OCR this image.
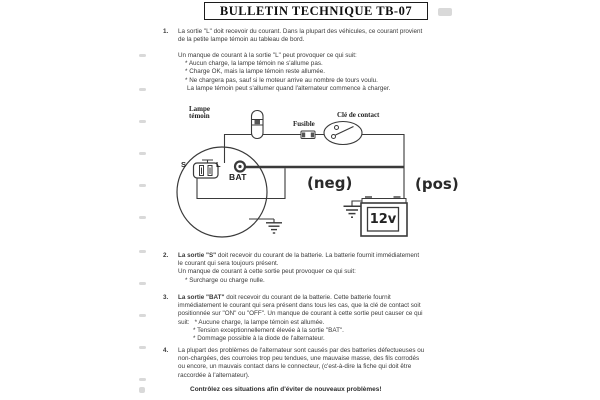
BULLETIN TECHNIQUE TB-07
1. La sortie "L" doit recevoir du courant. Dans la plupart des véhicules, ce courant provient
de la petite lampe témoin au tableau de bord.
Un manque de courant à la sortie "L" peut provoquer ce qui suit:
* Aucun charge, la lampe témoin ne s'allume pas.
* Charge OK, mais la lampe témoin reste allumée.
* Ne chargera pas, sauf si le moteur arrive au nombre de tours voulu.
La lampe témoin peut s'allumer quand l'alternateur commence à charger.
Lampe
témoin
Fusible
Clé de contact
S	L
BAT	(neg)	(pos)
12v
2. La sortie "S" doit recevoir du courant de la batterie. La batterie fournit immédiatement
le courant qui sera toujours présent.
Un manque de courant à cette sortie peut provoquer ce qui suit:
* Surcharge ou charge nulle.
3. La sortie "BAT" doit recevoir du courant de la batterie. Cette batterie fournit
immédiatement le courant qui sera présent dans tous les cas, que la clé de contact soit
positionnée sur "ON" ou "OFF". Un manque de courant à cette sortie peut causer ce qui
suit: * Aucune charge, la lampe témoin est allumée.
* Tension exceptionnellement élevée à la sortie "BAT".
* Dommage possible à la diode de l'alternateur.
4. La plupart des problèmes de l'alternateur sont causés par des batteries défectueuses ou
non-chargées, des courroies trop peu tendues, une mauvaise masse, des fils corrodés
ou encore, un mauvais contact dans le connecteur, (c'est-à-dire la fiche qui doit être
raccordée à l'alternateur).
Contrôlez ces situations afin d'éviter de nouveaux problèmes!
